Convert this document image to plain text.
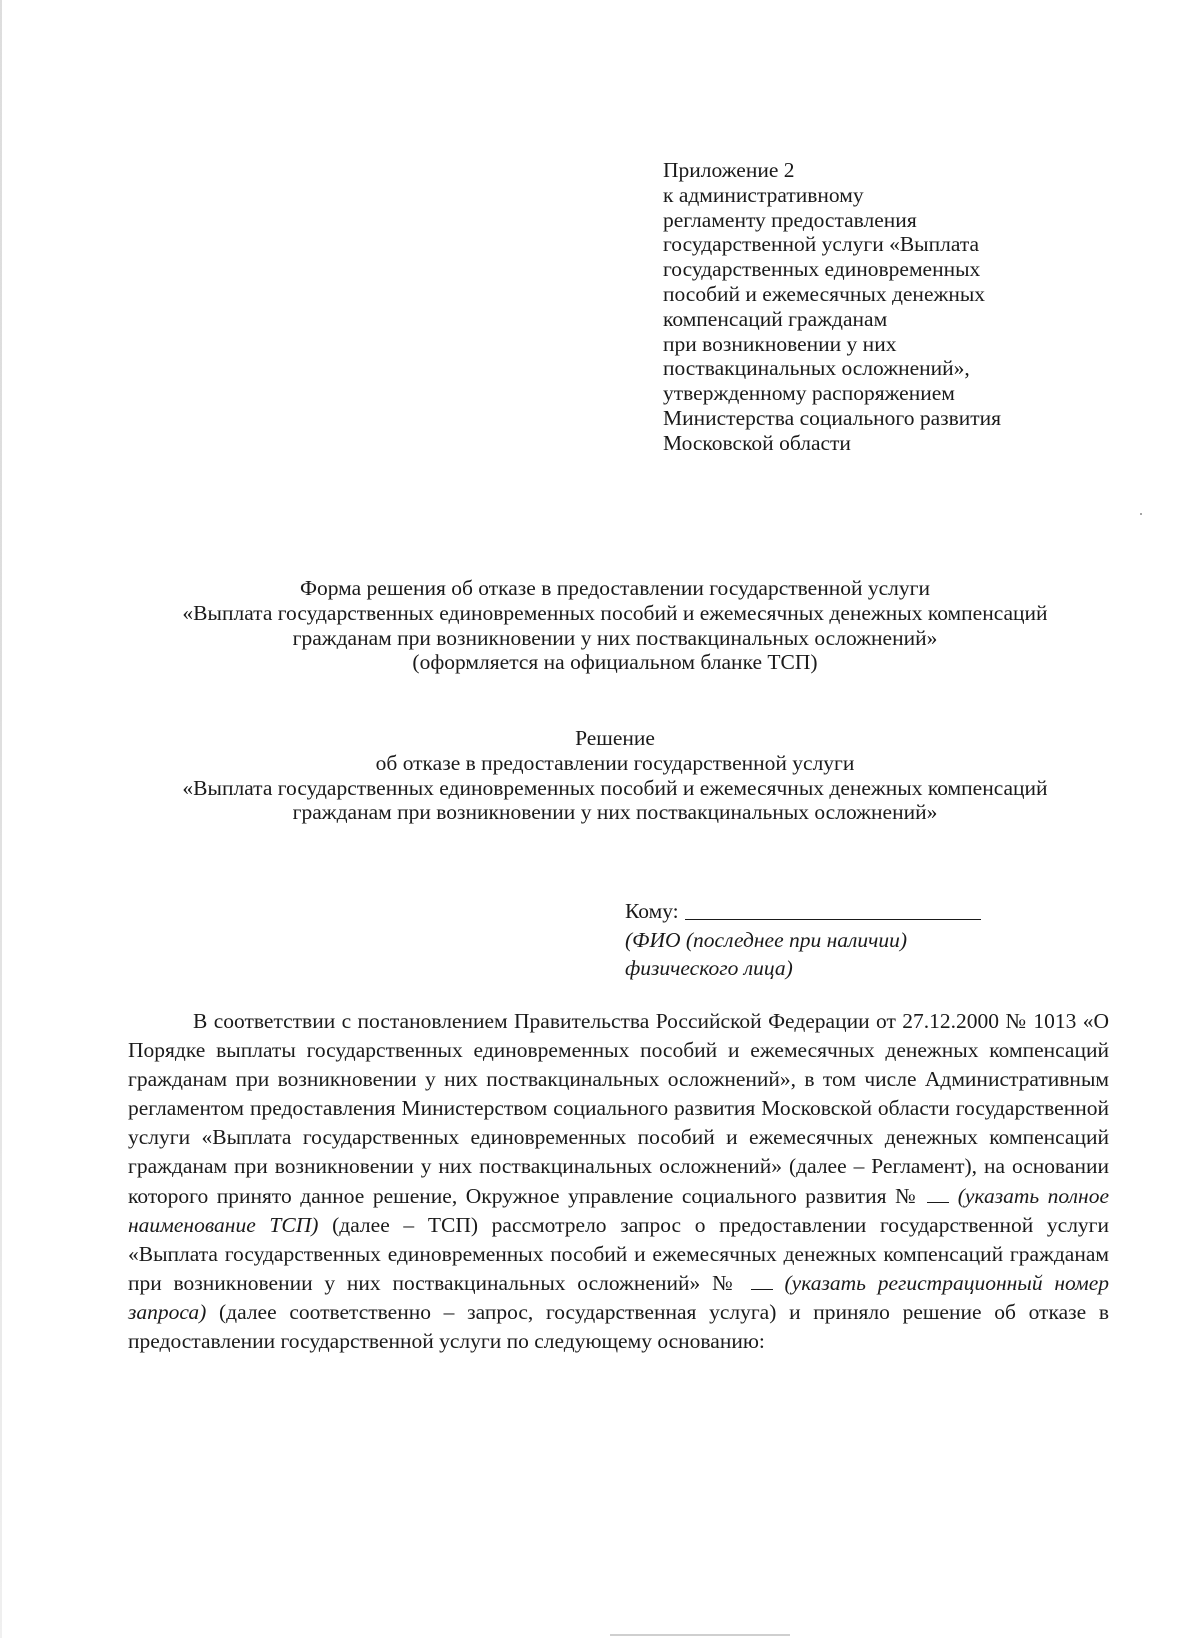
Приложение 2
к административному
регламенту предоставления
государственной услуги «Выплата
государственных единовременных
пособий и ежемесячных денежных
компенсаций гражданам
при возникновении у них
поствакцинальных осложнений»,
утвержденному распоряжением
Министерства социального развития
Московской области
Форма решения об отказе в предоставлении государственной услуги
«Выплата государственных единовременных пособий и ежемесячных денежных компенсаций
гражданам при возникновении у них поствакцинальных осложнений»
(оформляется на официальном бланке ТСП)
Решение
об отказе в предоставлении государственной услуги
«Выплата государственных единовременных пособий и ежемесячных денежных компенсаций
гражданам при возникновении у них поствакцинальных осложнений»
Кому:
(ФИО (последнее при наличии)
физического лица)
В соответствии с постановлением Правительства Российской Федерации от 27.12.2000 № 1013 «О Порядке выплаты государственных единовременных пособий и ежемесячных денежных компенсаций гражданам при возникновении у них поствакцинальных осложнений», в том числе Административным регламентом предоставления Министерством социального развития Московской области государственной услуги «Выплата государственных единовременных пособий и ежемесячных денежных компенсаций гражданам при возникновении у них поствакцинальных осложнений» (далее – Регламент), на основании которого принято данное решение, Окружное управление социального развития № (указать полное наименование ТСП) (далее – ТСП) рассмотрело запрос о предоставлении государственной услуги «Выплата государственных единовременных пособий и ежемесячных денежных компенсаций гражданам при возникновении у них поствакцинальных осложнений» № (указать регистрационный номер запроса) (далее соответственно – запрос, государственная услуга) и приняло решение об отказе в предоставлении государственной услуги по следующему основанию:
